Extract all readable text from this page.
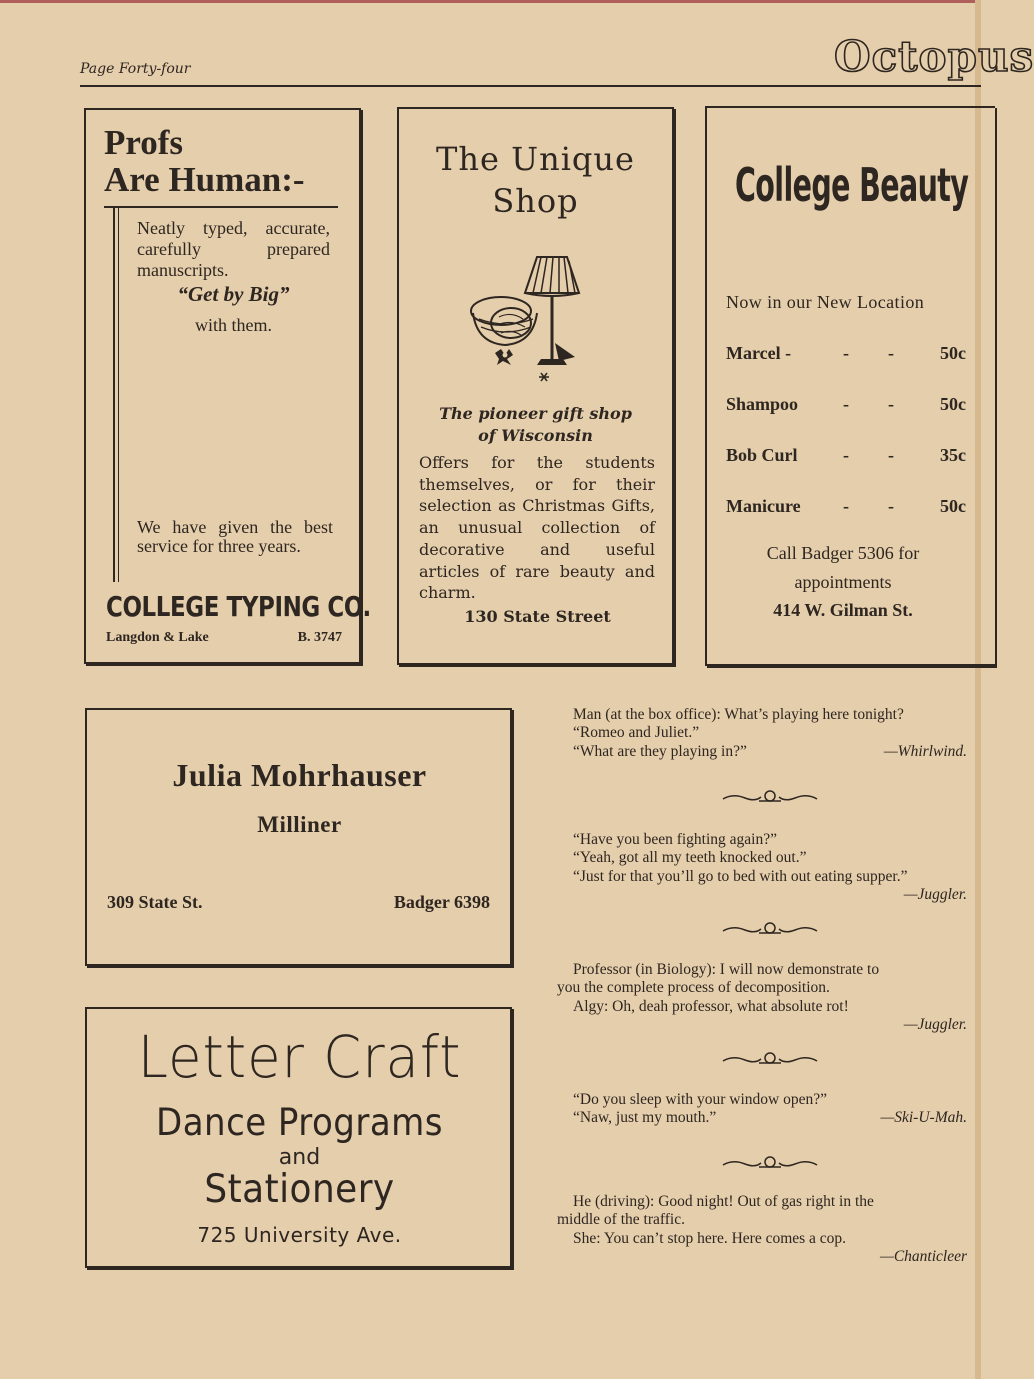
Page Forty-four	Octopus
Profs
Are Human:-
Neatly typed, accurate, carefully prepared manuscripts.
“Get by Big”
with them.
We have given the best service for three years.
COLLEGE TYPING CO.
Langdon & Lake	B. 3747
The Unique
Shop
The pioneer gift shop
of Wisconsin
Offers for the students themselves, or for their selection as Christmas Gifts, an unusual collection of decorative and useful articles of rare beauty and charm.
130 State Street
College Beauty
Now in our New Location
Marcel -	- -	50c
Shampoo - -	50c
Bob Curl	- -	35c
Manicure - -	50c
Call Badger 5306 for
appointments
414 W. Gilman St.
Julia Mohrhauser
Milliner
309 State St.	Badger 6398
Letter Craft
Dance Programs
and
Stationery
725 University Ave.
Man (at the box office): What’s playing here tonight?
“Romeo and Juliet.”
“What are they playing in?”	—Whirlwind.
“Have you been fighting again?”
“Yeah, got all my teeth knocked out.”
“Just for that you’ll go to bed with out eating supper.”
—Juggler.
Professor (in Biology): I will now demonstrate to
you the complete process of decomposition.
Algy: Oh, deah professor, what absolute rot!
—Juggler.
“Do you sleep with your window open?”
“Naw, just my mouth.”	—Ski-U-Mah.
He (driving): Good night! Out of gas right in the
middle of the traffic.
She: You can’t stop here. Here comes a cop.
—Chanticleer
